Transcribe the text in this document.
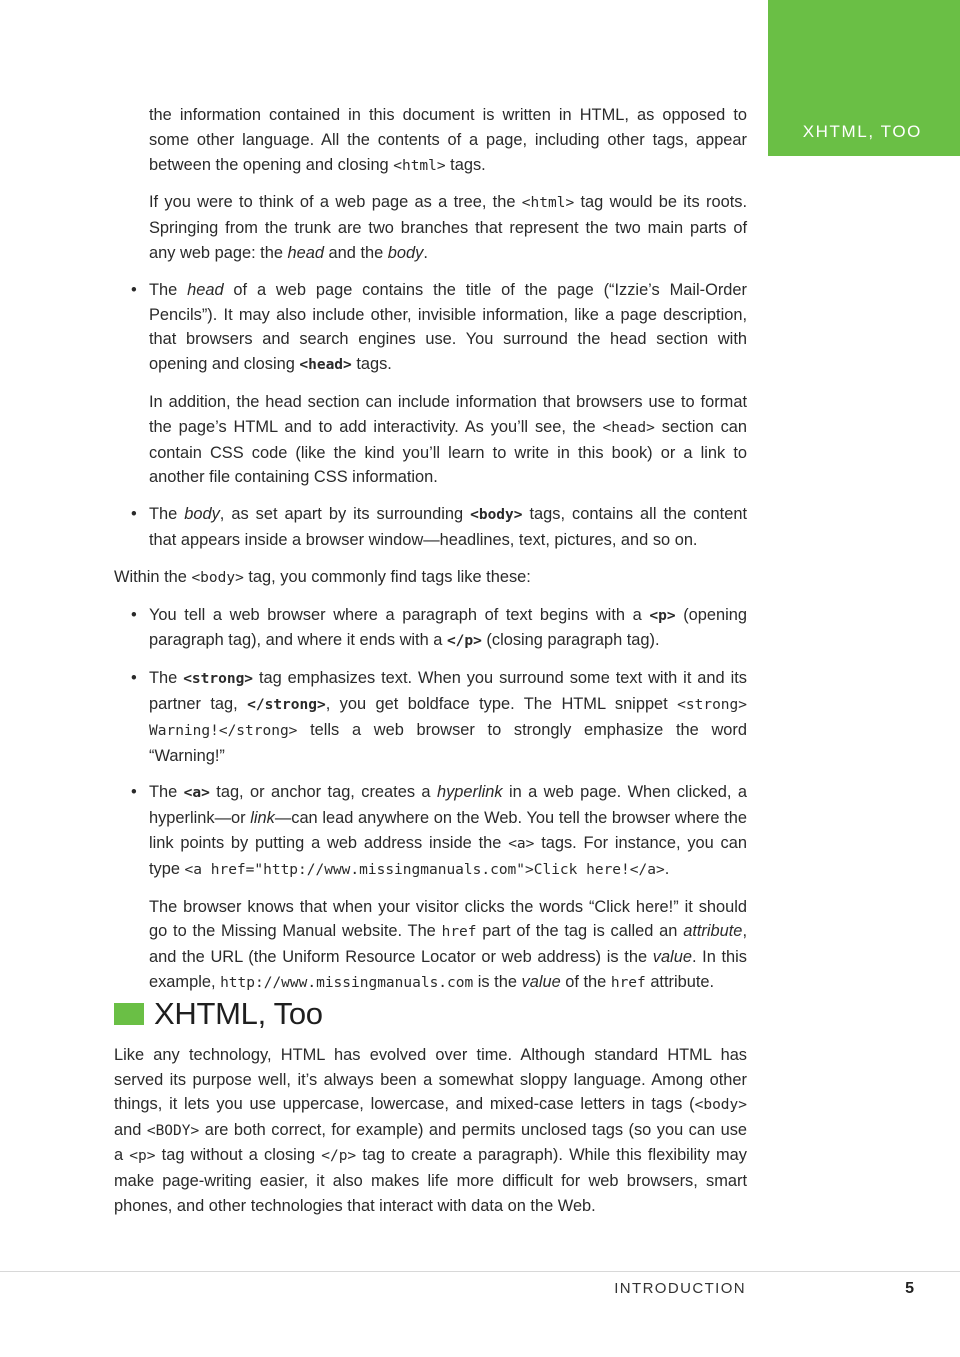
XHTML, TOO

the information contained in this document is written in HTML, as opposed to some other language. All the contents of a page, including other tags, appear between the opening and closing <html> tags.

If you were to think of a web page as a tree, the <html> tag would be its roots. Springing from the trunk are two branches that represent the two main parts of any web page: the head and the body.

• The head of a web page contains the title of the page (“Izzie’s Mail-Order Pencils”). It may also include other, invisible information, like a page description, that browsers and search engines use. You surround the head section with opening and closing <head> tags.

In addition, the head section can include information that browsers use to format the page’s HTML and to add interactivity. As you’ll see, the <head> section can contain CSS code (like the kind you’ll learn to write in this book) or a link to another file containing CSS information.

• The body, as set apart by its surrounding <body> tags, contains all the content that appears inside a browser window—headlines, text, pictures, and so on.

Within the <body> tag, you commonly find tags like these:

• You tell a web browser where a paragraph of text begins with a <p> (opening paragraph tag), and where it ends with a </p> (closing paragraph tag).

• The <strong> tag emphasizes text. When you surround some text with it and its partner tag, </strong>, you get boldface type. The HTML snippet <strong> Warning!</strong> tells a web browser to strongly emphasize the word “Warning!”

• The <a> tag, or anchor tag, creates a hyperlink in a web page. When clicked, a hyperlink—or link—can lead anywhere on the Web. You tell the browser where the link points by putting a web address inside the <a> tags. For instance, you can type <a href="http://www.missingmanuals.com">Click here!</a>.

The browser knows that when your visitor clicks the words “Click here!” it should go to the Missing Manual website. The href part of the tag is called an attribute, and the URL (the Uniform Resource Locator or web address) is the value. In this example, http://www.missingmanuals.com is the value of the href attribute.

XHTML, Too

Like any technology, HTML has evolved over time. Although standard HTML has served its purpose well, it’s always been a somewhat sloppy language. Among other things, it lets you use uppercase, lowercase, and mixed-case letters in tags (<body> and <BODY> are both correct, for example) and permits unclosed tags (so you can use a <p> tag without a closing </p> tag to create a paragraph). While this flexibility may make page-writing easier, it also makes life more difficult for web browsers, smart phones, and other technologies that interact with data on the Web.

INTRODUCTION	5
